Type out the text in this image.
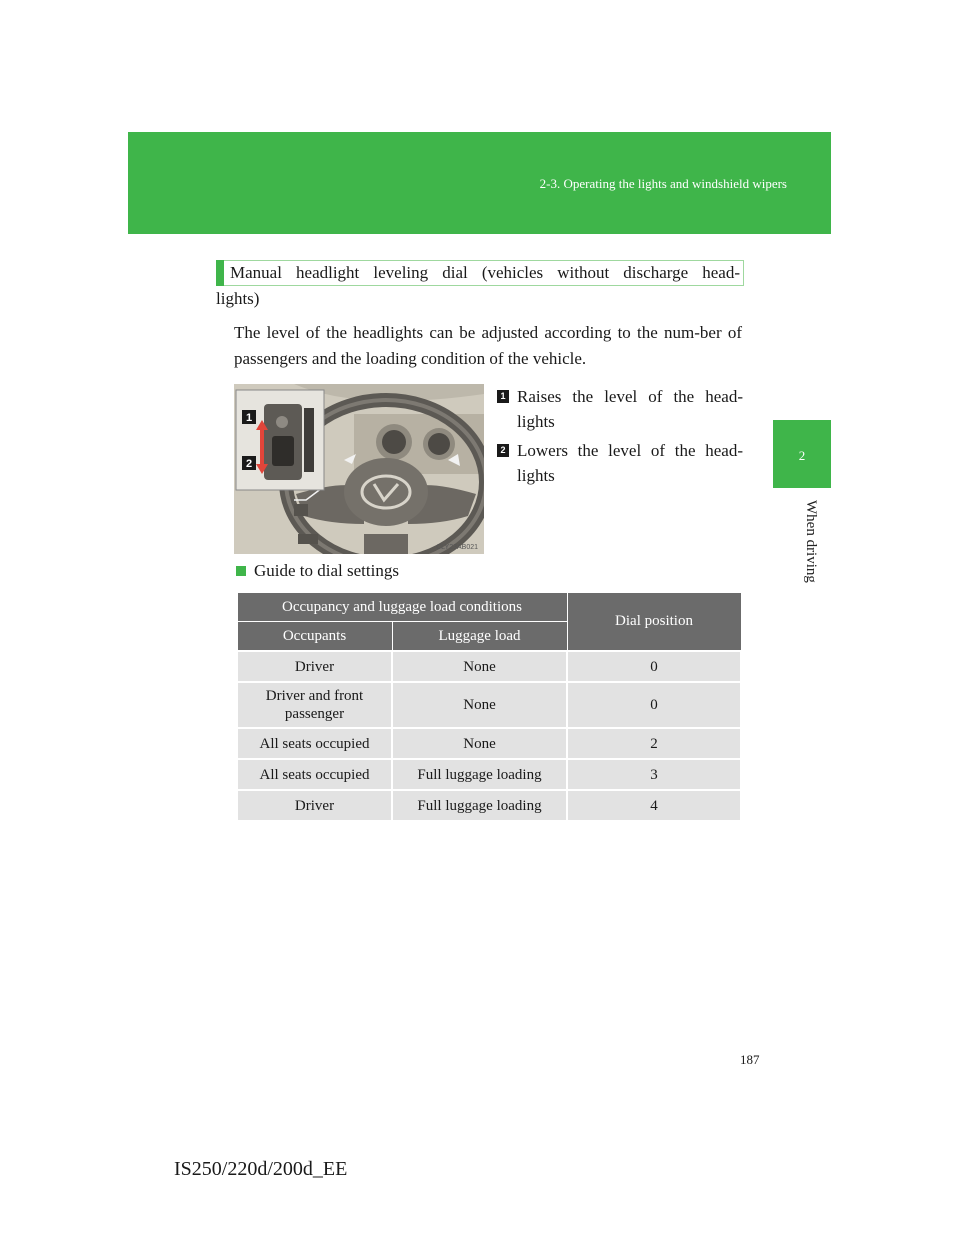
2-3. Operating the lights and windshield wipers
2
When driving
Manual headlight leveling dial (vehicles without discharge head-
lights)
The level of the headlights can be adjusted according to the num-ber of passengers and the loading condition of the vehicle.
1
2
CLY23AB021
1 Raises the level of the head-lights
2 Lowers the level of the head-lights
Guide to dial settings
Occupancy and luggage load conditions		Dial position
Occupants	Luggage load	
Driver	None	0
Driver and front passenger	None	0
All seats occupied	None	2
All seats occupied	Full luggage loading	3
Driver	Full luggage loading	4
187
IS250/220d/200d_EE
